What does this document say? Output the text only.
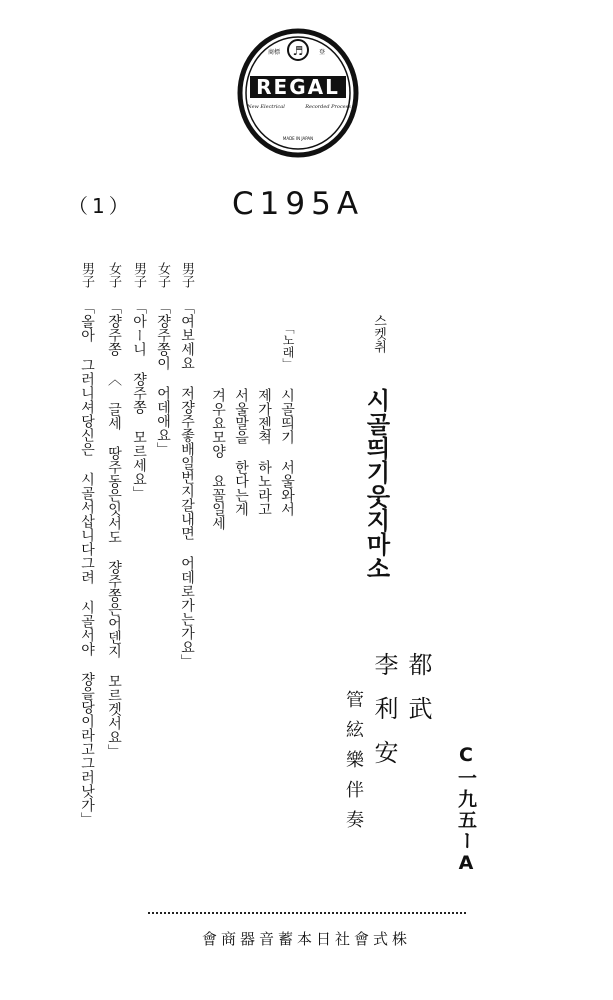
♬
商標	登
REGAL
New Electrical	Recorded Process
MADE IN JAPAN
（1）	C195A
스켓취
시골띄기웃지마소
「노래」
시골띄기 서울와서
제가젠쳑 하노라고
서울말을 한다는게
겨우요모양 요꼴일세
男子
「여보세요 저쟝주좋배일번지갈내면 어데로가는가요」
女子
「쟝주쫑이 어데애요」
男子
「아ー니 쟝주쫑 모르세요」
女子
「쟝주쫑 〈 글세 땅주동은잇서도 쟝주쫑은어덴지 모르겟서요」
男子
「올아 그러니셔당신은 시골서삽니다그려 시골서야 쟝을당이라고그러낫가」	都武
李利安
管絃樂伴奏	C一九五ーA
會商器音蓄本日社會式株
